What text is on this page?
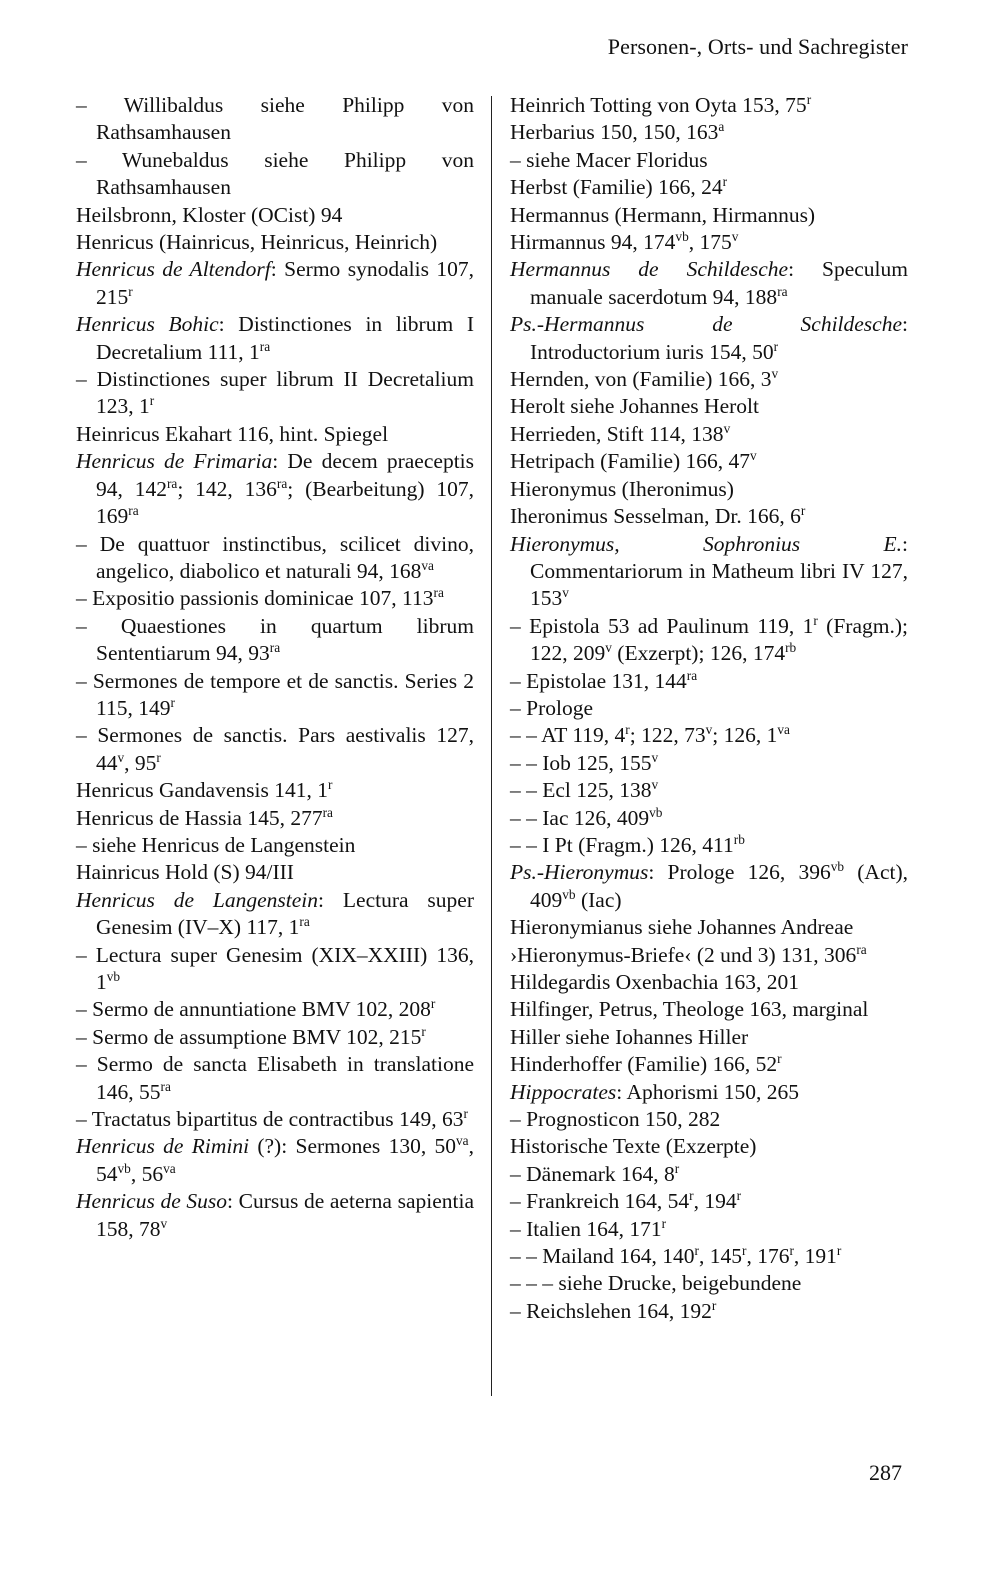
Personen-, Orts- und Sachregister

– Willibaldus siehe Philipp von Rathsamhausen

– Wunebaldus siehe Philipp von Rathsamhausen

Heilsbronn, Kloster (OCist) 94

Henricus (Hainricus, Heinricus, Heinrich)

Henricus de Altendorf: Sermo synodalis 107, 215$^r$

Henricus Bohic: Distinctiones in librum I Decretalium 111, $1^{ra}$

– Distinctiones super librum II Decretalium 123, 1$^r$

Heinricus Ekahart 116, hint. Spiegel

Henricus de Frimaria: De decem praeceptis 94, $142^{ra}$; 142, $136^{ra}$; (Bearbeitung) 107, $169^{ra}$

– De quattuor instinctibus, scilicet divino, angelico, diabolico et naturali 94, $168^{va}$

– Expositio passionis dominicae 107, $113^{ra}$

– Quaestiones in quartum librum Sententiarum 94, $93^{ra}$

– Sermones de tempore et de sanctis. Series 2 115, 149$^r$

– Sermones de sanctis. Pars aestivalis 127, 44$^v$, 95$^r$

Henricus Gandavensis 141, 1$^r$

Henricus de Hassia 145, $277^{ra}$

– siehe Henricus de Langenstein

Hainricus Hold (S) 94/III

Henricus de Langenstein: Lectura super Genesim (IV–X) 117, $1^{ra}$

– Lectura super Genesim (XIX–XXIII) 136, $1^{vb}$

– Sermo de annuntiatione BMV 102, 208$^r$

– Sermo de assumptione BMV 102, 215$^r$

– Sermo de sancta Elisabeth in translatione 146, $55^{ra}$

– Tractatus bipartitus de contractibus 149, 63$^r$

Henricus de Rimini (?): Sermones 130, $50^{va}$, $54^{vb}$, $56^{va}$

Henricus de Suso: Cursus de aeterna sapientia 158, 78$^v$

Heinrich Totting von Oyta 153, 75$^r$

Herbarius 150, 150, 163$^a$

– siehe Macer Floridus

Herbst (Familie) 166, 24$^r$

Hermannus (Hermann, Hirmannus)

Hirmannus 94, $174^{vb}$, 175$^v$

Hermannus de Schildesche: Speculum manuale sacerdotum 94, $188^{ra}$

Ps.-Hermannus de Schildesche: Introductorium iuris 154, 50$^r$

Hernden, von (Familie) 166, 3$^v$

Herolt siehe Johannes Herolt

Herrieden, Stift 114, 138$^v$

Hetripach (Familie) 166, 47$^v$

Hieronymus (Iheronimus)

Iheronimus Sesselman, Dr. 166, 6$^r$

Hieronymus, Sophronius E.: Commentariorum in Matheum libri IV 127, 153$^v$

– Epistola 53 ad Paulinum 119, 1$^r$ (Fragm.); 122, 209$^v$ (Exzerpt); 126, $174^{rb}$

– Epistolae 131, $144^{ra}$

– Prologe

– – AT 119, 4$^r$; 122, 73$^v$; 126, $1^{va}$

– – Iob 125, 155$^v$

– – Ecl 125, 138$^v$

– – Iac 126, $409^{vb}$

– – I Pt (Fragm.) 126, $411^{rb}$

Ps.-Hieronymus: Prologe 126, $396^{vb}$ (Act), $409^{vb}$ (Iac)

Hieronymianus siehe Johannes Andreae

›Hieronymus-Briefe‹ (2 und 3) 131, $306^{ra}$

Hildegardis Oxenbachia 163, 201

Hilfinger, Petrus, Theologe 163, marginal

Hiller siehe Iohannes Hiller

Hinderhoffer (Familie) 166, 52$^r$

Hippocrates: Aphorismi 150, 265

– Prognosticon 150, 282

Historische Texte (Exzerpte)

– Dänemark 164, 8$^r$

– Frankreich 164, 54$^r$, 194$^r$

– Italien 164, 171$^r$

– – Mailand 164, 140$^r$, 145$^r$, 176$^r$, 191$^r$

– – – siehe Drucke, beigebundene

– Reichslehen 164, 192$^r$

287
